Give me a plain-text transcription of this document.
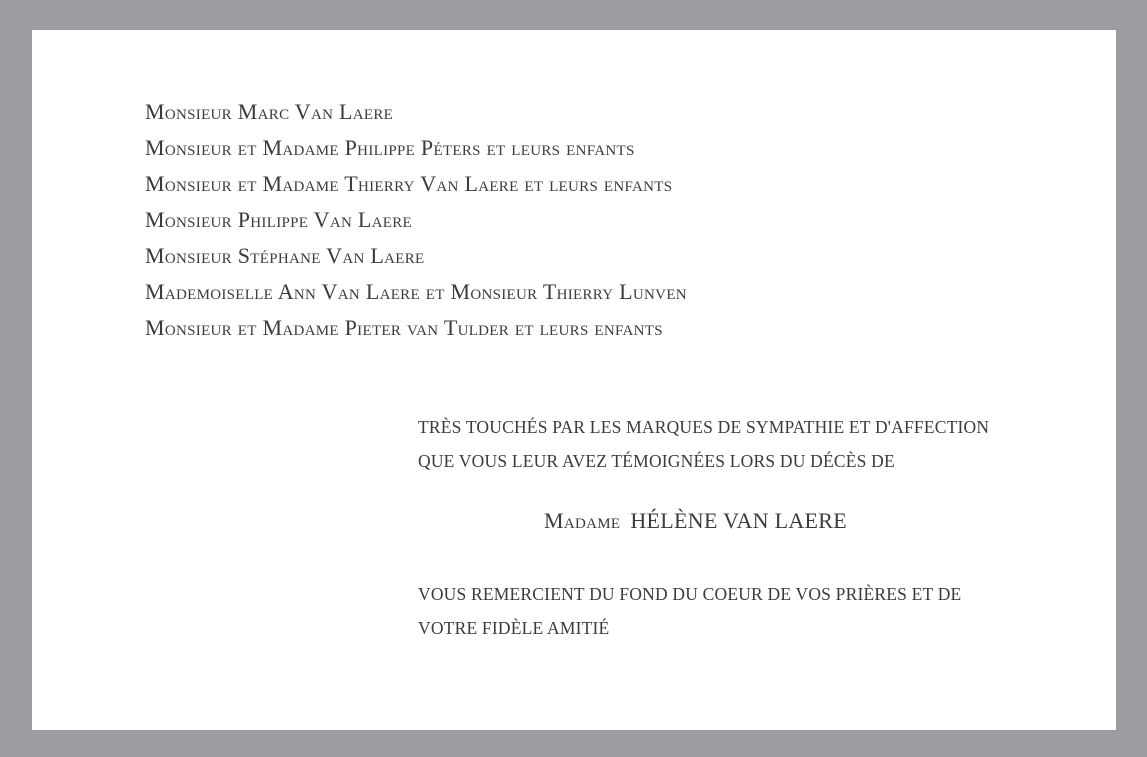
Monsieur Marc Van Laere
Monsieur et Madame Philippe Péters et leurs enfants
Monsieur et Madame Thierry Van Laere et leurs enfants
Monsieur Philippe Van Laere
Monsieur Stéphane Van Laere
Mademoiselle Ann Van Laere et Monsieur Thierry Lunven
Monsieur et Madame Pieter van Tulder et leurs enfants

TRÈS TOUCHÉS PAR LES MARQUES DE SYMPATHIE ET D'AFFECTION

QUE VOUS LEUR AVEZ TÉMOIGNÉES LORS DU DÉCÈS DE

Madame HÉLÈNE VAN LAERE

VOUS REMERCIENT DU FOND DU COEUR DE VOS PRIÈRES ET DE

VOTRE FIDÈLE AMITIÉ
